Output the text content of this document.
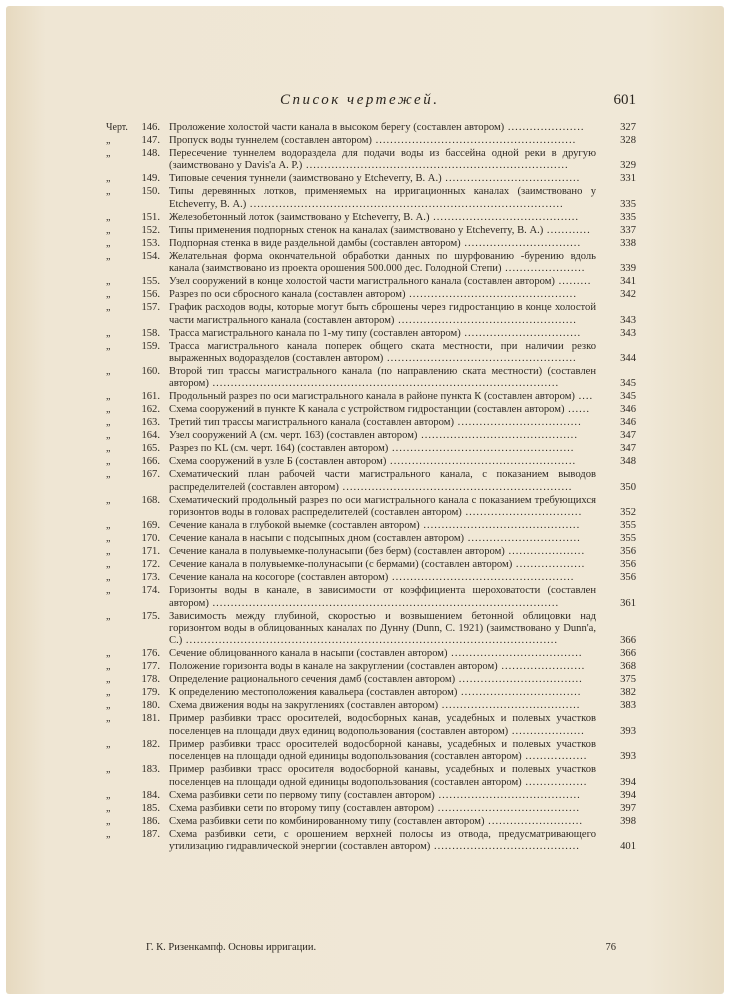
Список чертежей.	601
Черт.	146. Проложение холостой части канала в высоком берегу (составлен автором) .....................	327
„	147. Пропуск воды туннелем (составлен автором) .......................................................	328
„	148. Пересечение туннелем водораздела для подачи воды из бассейна одной реки в другую (заимствовано у Davis'а А. P.) ........................................................................	329
„	149. Типовые сечения туннели (заимствовано у Etcheverry, В. А.) .....................................	331
„	150. Типы деревянных лотков, применяемых на ирригационных каналах (заимствовано у Etcheverry, В. А.) ......................................................................................	335
„	151. Железобетонный лоток (заимствовано у Etcheverry, В. А.) ........................................	335
„	152. Типы применения подпорных стенок на каналах (заимствовано у Etcheverry, В. А.) ............	337
„	153. Подпорная стенка в виде раздельной дамбы (составлен автором) ................................	338
„	154. Желательная форма окончательной обработки данных по шурфованию -бурению вдоль канала (заимствовано из проекта орошения 500.000 дес. Голодной Степи) ......................	339
„	155. Узел сооружений в конце холостой части магистрального канала (составлен автором) .........	341
„	156. Разрез по оси сбросного канала (составлен автором) ..............................................	342
„	157. График расходов воды, которые могут быть сброшены через гидростанцию в конце холостой части магистрального канала (составлен автором) .................................................	343
„	158. Трасса магистрального канала по 1-му типу (составлен автором) ................................	343
„	159. Трасса магистрального канала поперек общего ската местности, при наличии резко выраженных водоразделов (составлен автором) ....................................................	344
„	160. Второй тип трассы магистрального канала (по направлению ската местности) (составлен автором) ...............................................................................................	345
„	161. Продольный разрез по оси магистрального канала в районе пункта К (составлен автором) ....	345
„	162. Схема сооружений в пункте К канала с устройством гидростанции (составлен автором) ......	346
„	163. Третий тип трассы магистрального канала (составлен автором) ..................................	346
„	164. Узел сооружений А (см. черт. 163) (составлен автором) ...........................................	347
„	165. Разрез по KL (см. черт. 164) (составлен автором) ..................................................	347
„	166. Схема сооружений в узле Б (составлен автором) ...................................................	348
„	167. Схематический план рабочей части магистрального канала, с показанием выводов распределителей (составлен автором) ...............................................................	350
„	168. Схематический продольный разрез по оси магистрального канала с показанием требующихся горизонтов воды в головах распределителей (составлен автором) ................................	352
„	169. Сечение канала в глубокой выемке (составлен автором) ...........................................	355
„	170. Сечение канала в насыпи с подсыпных дном (составлен автором) ...............................	355
„	171. Сечение канала в полувыемке-полунасыпи (без берм) (составлен автором) .....................	356
„	172. Сечение канала в полувыемке-полунасыпи (с бермами) (составлен автором) ...................	356
„	173. Сечение канала на косогоре (составлен автором) ..................................................	356
„	174. Горизонты воды в канале, в зависимости от коэффициента шероховатости (составлен автором) ...............................................................................................	361
„	175. Зависимость между глубиной, скоростью и возвышением бетонной облицовки над горизонтом воды в облицованных каналах по Дунну (Dunn, С. 1921) (заимствовано у Dunn'а, С.) ......................................................................................................	366
„	176. Сечение облицованного канала в насыпи (составлен автором) ....................................	366
„	177. Положение горизонта воды в канале на закруглении (составлен автором) .......................	368
„	178. Определение рационального сечения дамб (составлен автором) ..................................	375
„	179. К определению местоположения кавальера (составлен автором) .................................	382
„	180. Схема движения воды на закруглениях (составлен автором) ......................................	383
„	181. Пример разбивки трасс оросителей, водосборных канав, усадебных и полевых участков поселенцев на площади двух единиц водопользования (составлен автором) ....................	393
„	182. Пример разбивки трасс оросителей водосборной канавы, усадебных и полевых участков поселенцев на площади одной единицы водопользования (составлен автором) .................	393
„	183. Пример разбивки трасс оросителя водосборной канавы, усадебных и полевых участков поселенцев на площади одной единицы водопользования (составлен автором) .................	394
„	184. Схема разбивки сети по первому типу (составлен автором) .......................................	394
„	185. Схема разбивки сети по второму типу (составлен автором) .......................................	397
„	186. Схема разбивки сети по комбинированному типу (составлен автором) ..........................	398
„	187. Схема разбивки сети, с орошением верхней полосы из отвода, предусматривающего утилизацию гидравлической энергии (составлен автором) ........................................	401
Г. К. Ризенкампф. Основы ирригации.	76
